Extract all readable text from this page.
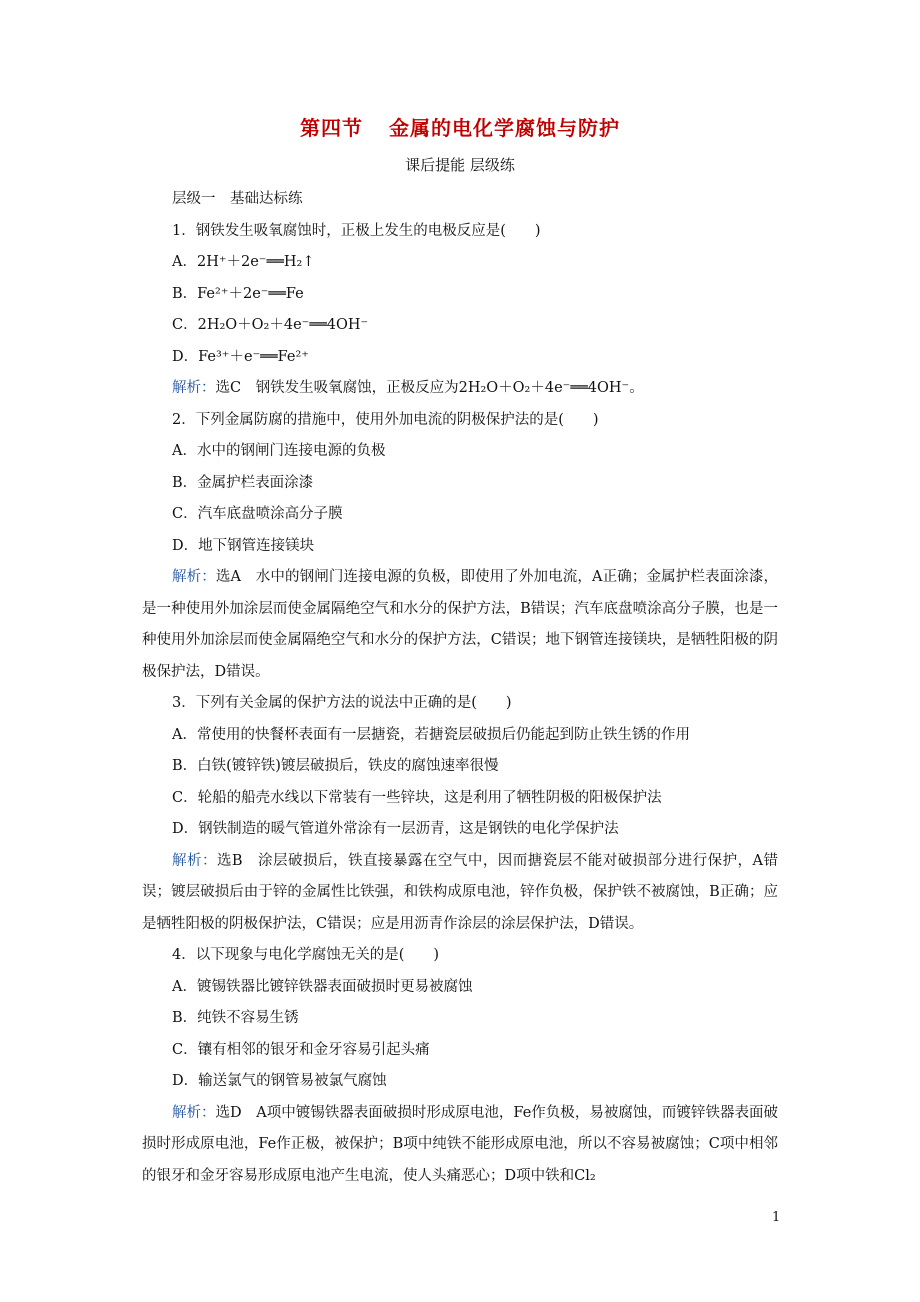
第四节 金属的电化学腐蚀与防护
课后提能 层级练

层级一　基础达标练

1．钢铁发生吸氧腐蚀时，正极上发生的电极反应是(　　)

A．2H⁺＋2e⁻══H₂↑

B．Fe²⁺＋2e⁻══Fe

C．2H₂O＋O₂＋4e⁻══4OH⁻

D．Fe³⁺＋e⁻══Fe²⁺

解析：选C　钢铁发生吸氧腐蚀，正极反应为2H₂O＋O₂＋4e⁻══4OH⁻。

2．下列金属防腐的措施中，使用外加电流的阴极保护法的是(　　)

A．水中的钢闸门连接电源的负极

B．金属护栏表面涂漆

C．汽车底盘喷涂高分子膜

D．地下钢管连接镁块

解析：选A　水中的钢闸门连接电源的负极，即使用了外加电流，A正确；金属护栏表面涂漆，是一种使用外加涂层而使金属隔绝空气和水分的保护方法，B错误；汽车底盘喷涂高分子膜，也是一种使用外加涂层而使金属隔绝空气和水分的保护方法，C错误；地下钢管连接镁块，是牺牲阳极的阴极保护法，D错误。

3．下列有关金属的保护方法的说法中正确的是(　　)

A．常使用的快餐杯表面有一层搪瓷，若搪瓷层破损后仍能起到防止铁生锈的作用

B．白铁(镀锌铁)镀层破损后，铁皮的腐蚀速率很慢

C．轮船的船壳水线以下常装有一些锌块，这是利用了牺牲阴极的阳极保护法

D．钢铁制造的暖气管道外常涂有一层沥青，这是钢铁的电化学保护法

解析：选B　涂层破损后，铁直接暴露在空气中，因而搪瓷层不能对破损部分进行保护，A错误；镀层破损后由于锌的金属性比铁强，和铁构成原电池，锌作负极，保护铁不被腐蚀，B正确；应是牺牲阳极的阴极保护法，C错误；应是用沥青作涂层的涂层保护法，D错误。

4．以下现象与电化学腐蚀无关的是(　　)

A．镀锡铁器比镀锌铁器表面破损时更易被腐蚀

B．纯铁不容易生锈

C．镶有相邻的银牙和金牙容易引起头痛

D．输送氯气的钢管易被氯气腐蚀

解析：选D　A项中镀锡铁器表面破损时形成原电池，Fe作负极，易被腐蚀，而镀锌铁器表面破损时形成原电池，Fe作正极，被保护；B项中纯铁不能形成原电池，所以不容易被腐蚀；C项中相邻的银牙和金牙容易形成原电池产生电流，使人头痛恶心；D项中铁和Cl₂

1
